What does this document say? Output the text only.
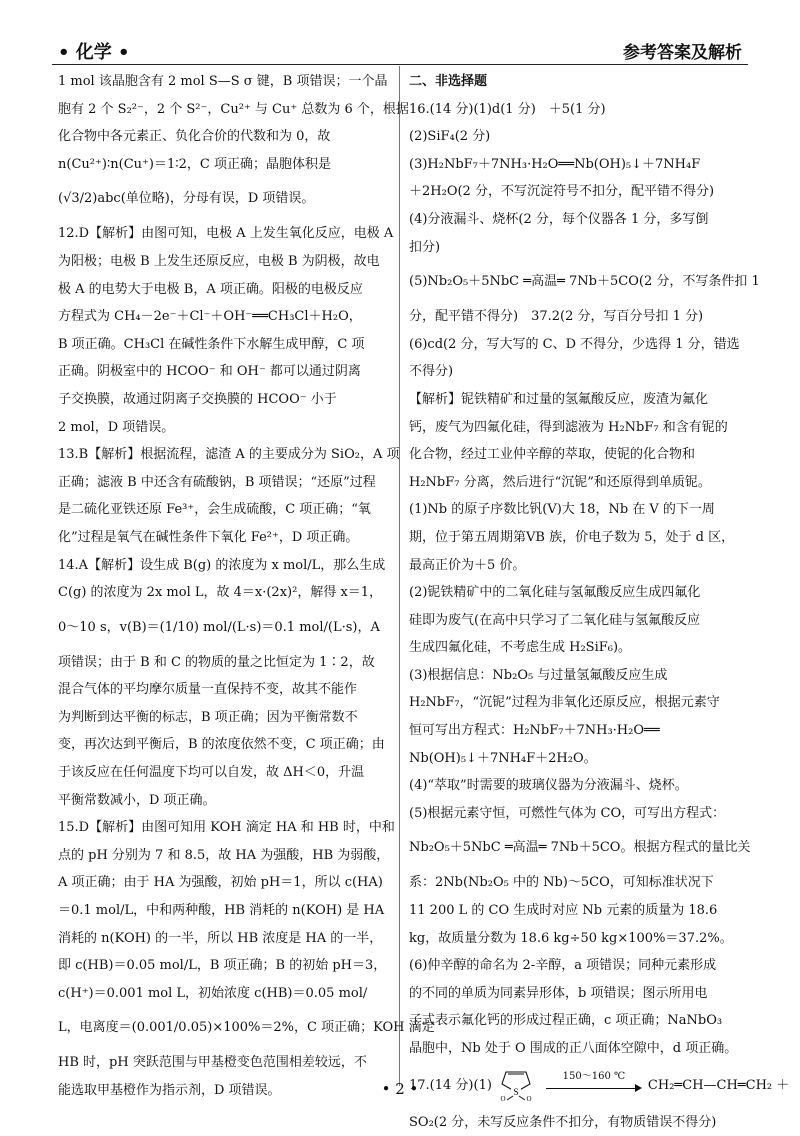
• 化学 •	参考答案及解析
1 mol 该晶胞含有 2 mol S—S σ 键，B 项错误；一个晶
胞有 2 个 S₂²⁻，2 个 S²⁻，Cu²⁺ 与 Cu⁺ 总数为 6 个，根据
化合物中各元素正、负化合价的代数和为 0，故
n(Cu²⁺)∶n(Cu⁺)＝1∶2，C 项正确；晶胞体积是
(√3/2)abc(单位略)，分母有误，D 项错误。
12.D【解析】由图可知，电极 A 上发生氧化反应，电极 A
为阳极；电极 B 上发生还原反应，电极 B 为阴极，故电
极 A 的电势大于电极 B，A 项正确。阳极的电极反应
方程式为 CH₄－2e⁻＋Cl⁻＋OH⁻══CH₃Cl＋H₂O，
B 项正确。CH₃Cl 在碱性条件下水解生成甲醇，C 项
正确。阴极室中的 HCOO⁻ 和 OH⁻ 都可以通过阴离
子交换膜，故通过阴离子交换膜的 HCOO⁻ 小于
2 mol，D 项错误。
13.B【解析】根据流程，滤渣 A 的主要成分为 SiO₂，A 项
正确；滤液 B 中还含有硫酸钠，B 项错误；“还原”过程
是二硫化亚铁还原 Fe³⁺，会生成硫酸，C 项正确；“氧
化”过程是氧气在碱性条件下氧化 Fe²⁺，D 项正确。
14.A【解析】设生成 B(g) 的浓度为 x mol/L，那么生成
C(g) 的浓度为 2x mol L，故 4＝x·(2x)²，解得 x＝1，
0～10 s，v(B)＝(1/10) mol/(L·s)＝0.1 mol/(L·s)，A
项错误；由于 B 和 C 的物质的量之比恒定为 1∶2，故
混合气体的平均摩尔质量一直保持不变，故其不能作
为判断到达平衡的标志，B 项正确；因为平衡常数不
变，再次达到平衡后，B 的浓度依然不变，C 项正确；由
于该反应在任何温度下均可以自发，故 ΔH＜0，升温
平衡常数减小，D 项正确。
15.D【解析】由图可知用 KOH 滴定 HA 和 HB 时，中和
点的 pH 分别为 7 和 8.5，故 HA 为强酸，HB 为弱酸，
A 项正确；由于 HA 为强酸，初始 pH＝1，所以 c(HA)
＝0.1 mol/L，中和两种酸，HB 消耗的 n(KOH) 是 HA
消耗的 n(KOH) 的一半，所以 HB 浓度是 HA 的一半，
即 c(HB)＝0.05 mol/L，B 项正确；B 的初始 pH＝3，
c(H⁺)＝0.001 mol L，初始浓度 c(HB)＝0.05 mol/
L，电离度＝(0.001/0.05)×100%＝2%，C 项正确；KOH 滴定
HB 时，pH 突跃范围与甲基橙变色范围相差较远，不
能选取甲基橙作为指示剂，D 项错误。
二、非选择题
16.(14 分)(1)d(1 分)　＋5(1 分)
(2)SiF₄(2 分)
(3)H₂NbF₇＋7NH₃·H₂O══Nb(OH)₅↓＋7NH₄F
＋2H₂O(2 分，不写沉淀符号不扣分，配平错不得分)
(4)分液漏斗、烧杯(2 分，每个仪器各 1 分，多写倒
扣分)
(5)Nb₂O₅＋5NbC ═高温═ 7Nb＋5CO(2 分，不写条件扣 1
分，配平错不得分)　37.2(2 分，写百分号扣 1 分)
(6)cd(2 分，写大写的 C、D 不得分，少选得 1 分，错选
不得分)
【解析】铌铁精矿和过量的氢氟酸反应，废渣为氟化
钙，废气为四氟化硅，得到滤液为 H₂NbF₇ 和含有铌的
化合物，经过工业仲辛醇的萃取，使铌的化合物和
H₂NbF₇ 分离，然后进行“沉铌”和还原得到单质铌。
(1)Nb 的原子序数比钒(V)大 18，Nb 在 V 的下一周
期，位于第五周期第ⅤB 族，价电子数为 5，处于 d 区，
最高正价为＋5 价。
(2)铌铁精矿中的二氧化硅与氢氟酸反应生成四氟化
硅即为废气(在高中只学习了二氧化硅与氢氟酸反应
生成四氟化硅，不考虑生成 H₂SiF₆)。
(3)根据信息：Nb₂O₅ 与过量氢氟酸反应生成
H₂NbF₇，“沉铌”过程为非氧化还原反应，根据元素守
恒可写出方程式：H₂NbF₇＋7NH₃·H₂O══
Nb(OH)₅↓＋7NH₄F＋2H₂O。
(4)“萃取”时需要的玻璃仪器为分液漏斗、烧杯。
(5)根据元素守恒，可燃性气体为 CO，可写出方程式：
Nb₂O₅＋5NbC ═高温═ 7Nb＋5CO。根据方程式的量比关
系：2Nb(Nb₂O₅ 中的 Nb)～5CO，可知标准状况下
11 200 L 的 CO 生成时对应 Nb 元素的质量为 18.6
kg，故质量分数为 18.6 kg÷50 kg×100%＝37.2%。
(6)仲辛醇的命名为 2-辛醇，a 项错误；同种元素形成
的不同的单质为同素异形体，b 项错误；图示所用电
子式表示氟化钙的形成过程正确，c 项正确；NaNbO₃
晶胞中，Nb 处于 O 围成的正八面体空隙中，d 项正确。
17.(14 分)(1) S
O	O
150～160 ℃
CH₂═CH—CH═CH₂ ＋
SO₂(2 分，未写反应条件不扣分，有物质错误不得分)
• 2 •
